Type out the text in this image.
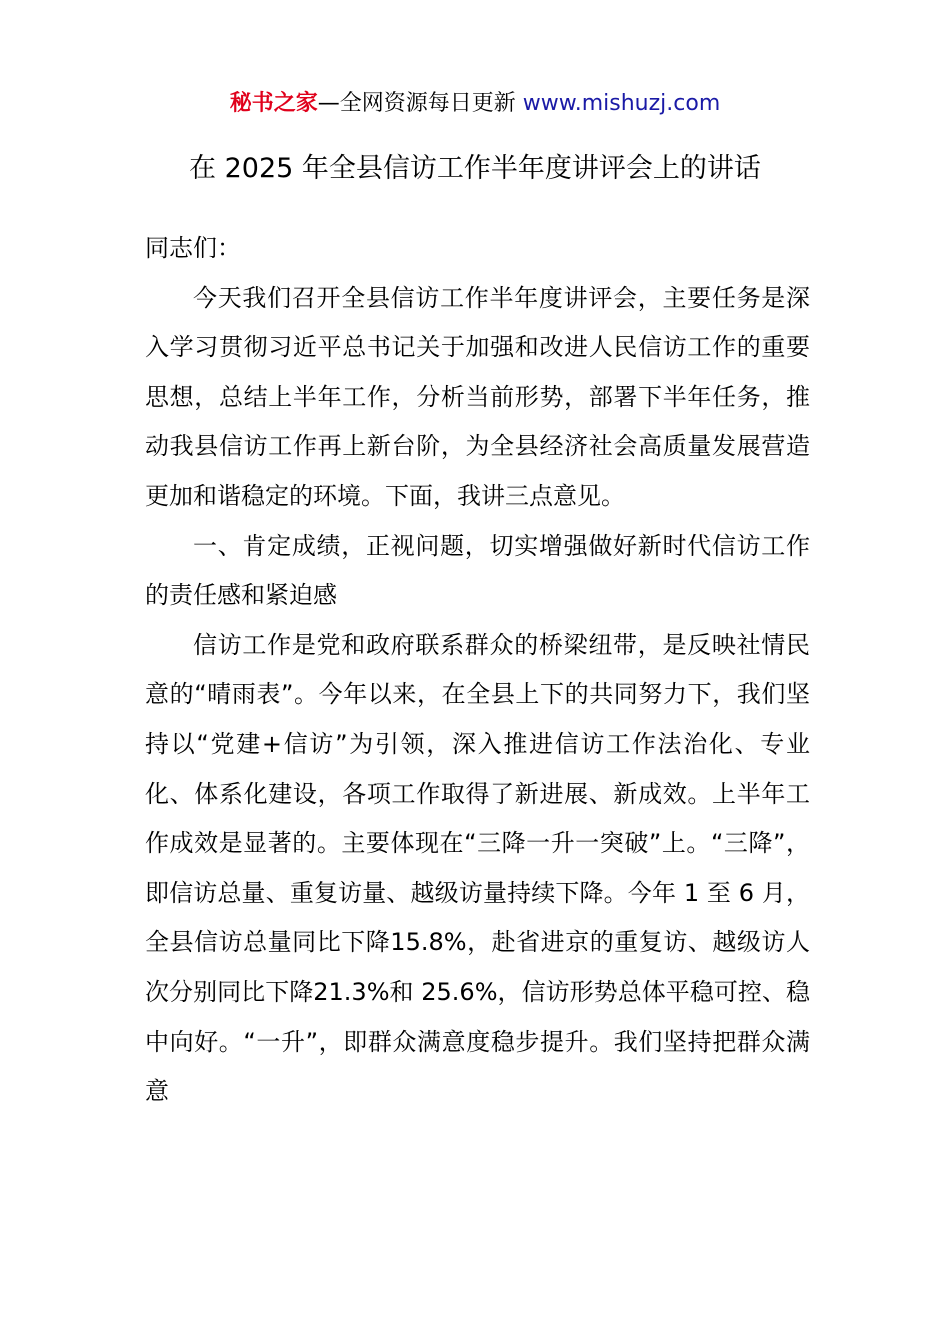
秘书之家—全网资源每日更新 www.mishuzj.com
在 2025 年全县信访工作半年度讲评会上的讲话

同志们：

今天我们召开全县信访工作半年度讲评会，主要任务是深入学习贯彻习近平总书记关于加强和改进人民信访工作的重要思想，总结上半年工作，分析当前形势，部署下半年任务，推动我县信访工作再上新台阶，为全县经济社会高质量发展营造更加和谐稳定的环境。下面，我讲三点意见。

一、肯定成绩，正视问题，切实增强做好新时代信访工作的责任感和紧迫感

信访工作是党和政府联系群众的桥梁纽带，是反映社情民意的“晴雨表”。今年以来，在全县上下的共同努力下，我们坚持以“党建+信访”为引领，深入推进信访工作法治化、专业化、体系化建设，各项工作取得了新进展、新成效。上半年工作成效是显著的。主要体现在“三降一升一突破”上。“三降”，即信访总量、重复访量、越级访量持续下降。今年 1 至 6 月，全县信访总量同比下降15.8%，赴省进京的重复访、越级访人次分别同比下降21.3%和 25.6%，信访形势总体平稳可控、稳中向好。“一升”，即群众满意度稳步提升。我们坚持把群众满意
